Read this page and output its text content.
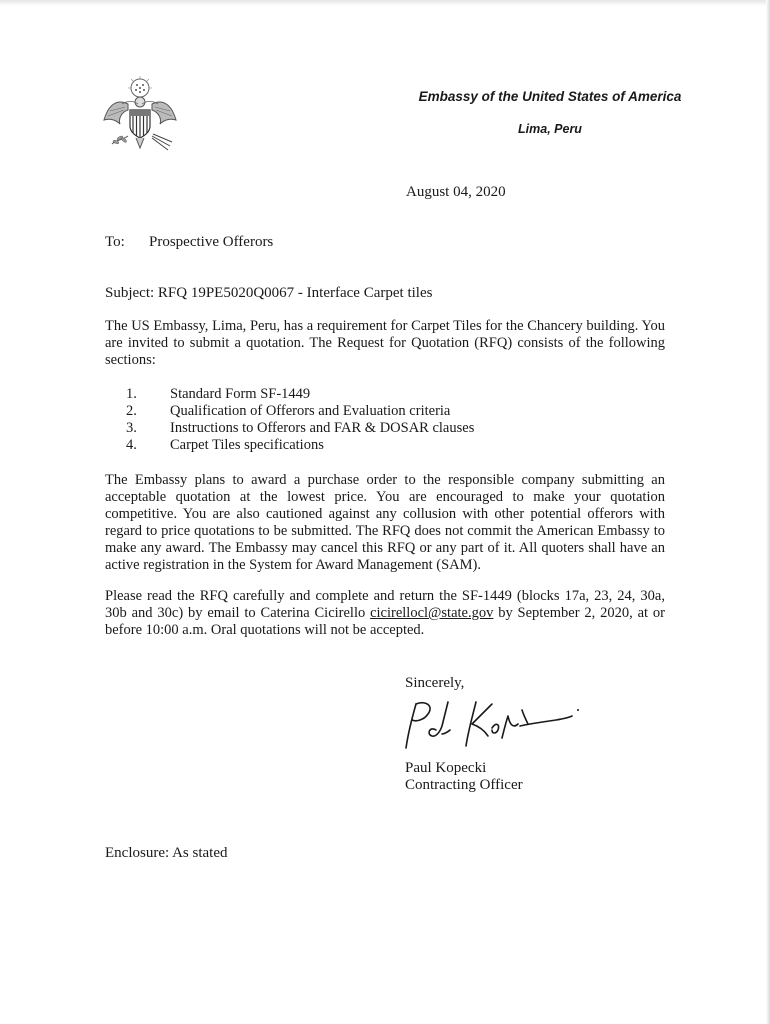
Embassy of the United States of America
Lima, Peru
August 04, 2020
To: Prospective Offerors
Subject: RFQ 19PE5020Q0067 - Interface Carpet tiles
The US Embassy, Lima, Peru, has a requirement for Carpet Tiles for the Chancery building. You are invited to submit a quotation. The Request for Quotation (RFQ) consists of the following sections:
1. Standard Form SF-1449
2. Qualification of Offerors and Evaluation criteria
3. Instructions to Offerors and FAR & DOSAR clauses
4. Carpet Tiles specifications
The Embassy plans to award a purchase order to the responsible company submitting an acceptable quotation at the lowest price. You are encouraged to make your quotation competitive. You are also cautioned against any collusion with other potential offerors with regard to price quotations to be submitted. The RFQ does not commit the American Embassy to make any award. The Embassy may cancel this RFQ or any part of it. All quoters shall have an active registration in the System for Award Management (SAM).
Please read the RFQ carefully and complete and return the SF-1449 (blocks 17a, 23, 24, 30a, 30b and 30c) by email to Caterina Cicirello cicirellocl@state.gov by September 2, 2020, at or before 10:00 a.m. Oral quotations will not be accepted.
Sincerely,
Paul Kopecki
Contracting Officer
Enclosure: As stated
